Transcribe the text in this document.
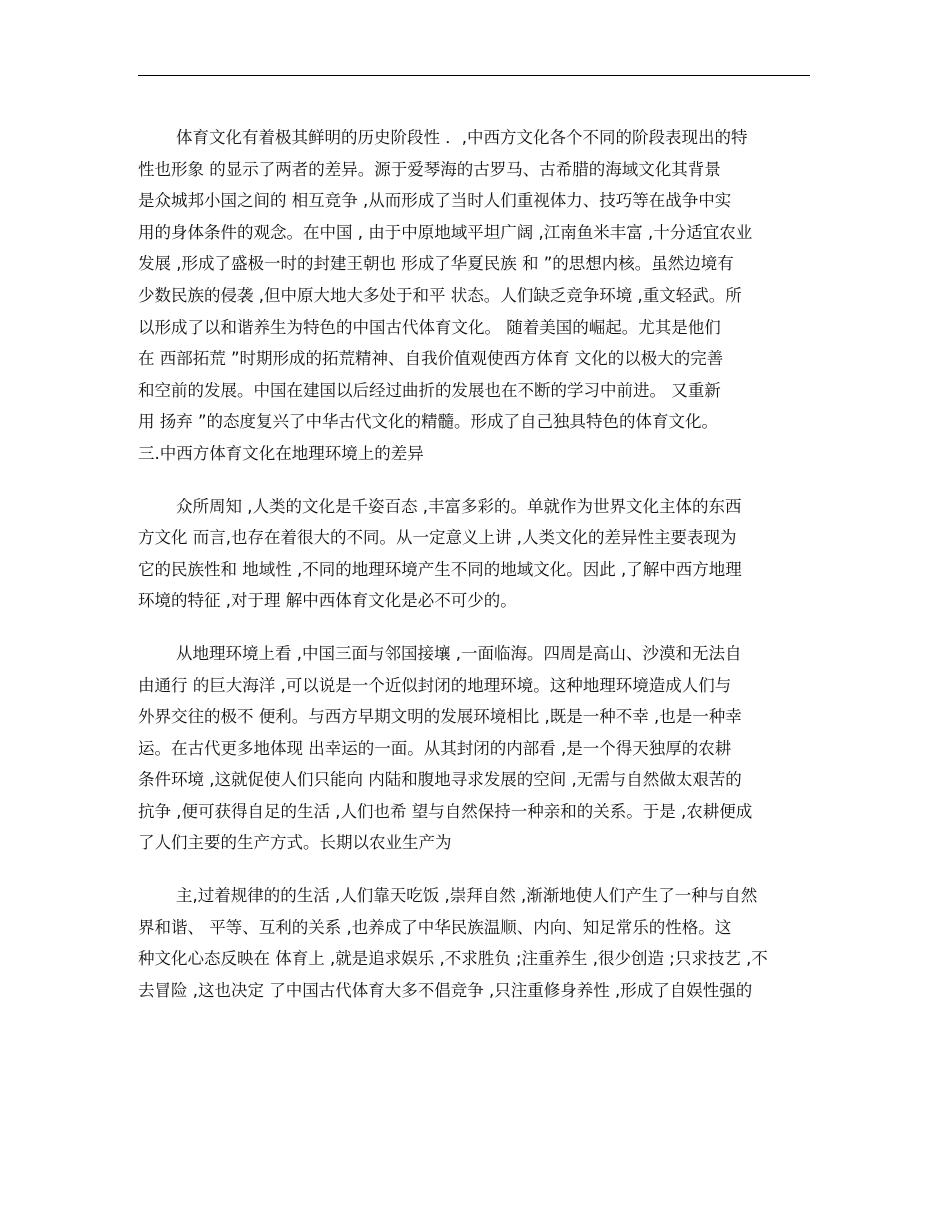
体育文化有着极其鲜明的历史阶段性 ．,中西方文化各个不同的阶段表现出的特
性也形象 的显示了两者的差异。源于爱琴海的古罗马、古希腊的海域文化其背景
是众城邦小国之间的 相互竞争 ,从而形成了当时人们重视体力、技巧等在战争中实
用的身体条件的观念。在中国 , 由于中原地域平坦广阔 ,江南鱼米丰富 ,十分适宜农业
发展 ,形成了盛极一时的封建王朝也 形成了华夏民族 和 ”的思想内核。虽然边境有
少数民族的侵袭 ,但中原大地大多处于和平 状态。人们缺乏竞争环境 ,重文轻武。所
以形成了以和谐养生为特色的中国古代体育文化。 随着美国的崛起。尤其是他们
在 西部拓荒 ”时期形成的拓荒精神、自我价值观使西方体育 文化的以极大的完善
和空前的发展。中国在建国以后经过曲折的发展也在不断的学习中前进。 又重新
用 扬弃 ”的态度复兴了中华古代文化的精髓。形成了自己独具特色的体育文化。
三.中西方体育文化在地理环境上的差异
众所周知 ,人类的文化是千姿百态 ,丰富多彩的。单就作为世界文化主体的东西
方文化 而言,也存在着很大的不同。从一定意义上讲 ,人类文化的差异性主要表现为
它的民族性和 地域性 ,不同的地理环境产生不同的地域文化。因此 ,了解中西方地理
环境的特征 ,对于理 解中西体育文化是必不可少的。
从地理环境上看 ,中国三面与邻国接壤 ,一面临海。四周是高山、沙漠和无法自
由通行 的巨大海洋 ,可以说是一个近似封闭的地理环境。这种地理环境造成人们与
外界交往的极不 便利。与西方早期文明的发展环境相比 ,既是一种不幸 ,也是一种幸
运。在古代更多地体现 出幸运的一面。从其封闭的内部看 ,是一个得天独厚的农耕
条件环境 ,这就促使人们只能向 内陆和腹地寻求发展的空间 ,无需与自然做太艰苦的
抗争 ,便可获得自足的生活 ,人们也希 望与自然保持一种亲和的关系。于是 ,农耕便成
了人们主要的生产方式。长期以农业生产为
主,过着规律的的生活 ,人们靠天吃饭 ,崇拜自然 ,渐渐地使人们产生了一种与自然
界和谐、 平等、互利的关系 ,也养成了中华民族温顺、内向、知足常乐的性格。这
种文化心态反映在 体育上 ,就是追求娱乐 ,不求胜负 ;注重养生 ,很少创造 ;只求技艺 ,不
去冒险 ,这也决定 了中国古代体育大多不倡竞争 ,只注重修身养性 ,形成了自娱性强的
